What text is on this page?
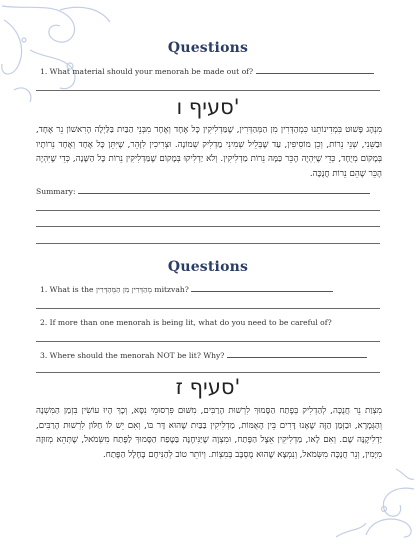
Questions
1. What material should your menorah be made out of?
סעיף ו'
מִנְהָג פָּשׁוּט בִּמְדִינוֹתֵנוּ כִּמְהַדְּרִין מִן הַמְּהַדְּרִין, שֶׁמַּדְלִיקִין כָּל אֶחָד וְאֶחָד מִבְּנֵי הַבַּיִת בַּלַּיְלָה הָרִאשׁוֹן נֵר אֶחָד, וּבַשֵּׁנִי, שְׁנֵי נֵרוֹת, וְכֵן מוֹסִיפִין, עַד שֶׁבְּלֵיל שְׁמִינִי מַדְלִיק שְׁמוֹנָה. וּצְרִיכִין לִזָּהֵר, שֶׁיִּתֵּן כָּל אֶחָד וְאֶחָד נֵרוֹתָיו בְּמָקוֹם מְיֻחָד, כְּדֵי שֶׁיִּהְיֶה הֶכֵּר כַּמָּה נֵרוֹת מַדְלִיקִין. וְלֹא יַדְלִיקוּ בְּמָקוֹם שֶׁמַּדְלִיקִין נֵרוֹת כָּל הַשָּׁנָה, כְּדֵי שֶׁיִּהְיֶה הֶכֵּר שֶׁהֵם נֵרוֹת חֲנֻכָּה.
Summary:
Questions
1. What is the מְהַדְּרִין מִן הַמְּהַדְּרִין mitzvah?
2. If more than one menorah is being lit, what do you need to be careful of?
3. Where should the menorah NOT be lit? Why?
סעיף ז'
מִצְוַת נֵר חֲנֻכָּה, לְהַדְלִיק בְּפֶתַח הַסָּמוּךְ לִרְשׁוּת הָרַבִּים, מִשּׁוּם פִּרְסוּמֵי נִסָּא, וְכָךְ הָיוּ עוֹשִׂין בִּזְמַן הַמִּשְׁנָה וְהַגְּמָרָא, וּבַזְּמַן הַזֶּה שֶׁאָנוּ דָּרִים בֵּין הָאֻמּוֹת, מַדְלִיקִין בַּבַּיִת שֶׁהוּא דָּר בּוֹ, וְאִם יֵשׁ לוֹ חַלּוֹן לִרְשׁוּת הָרַבִּים, יַדְלִיקֶנָּה שָׁם. וְאִם לָאו, מַדְלִיקִין אֵצֶל הַפֶּתַח, וּמִצְוָה שֶׁיַּנִּיחֶנָּה בַּטֶּפַח הַסָּמוּךְ לַפֶּתַח מִשְּׂמֹאל, שֶׁתְּהֵא מְזוּזָה מִיָּמִין, וְנֵר חֲנֻכָּה מִשְּׂמֹאל, וְנִמְצָא שֶׁהוּא מֻסְבָּב בְּמִצְוֹת. וְיוֹתֵר טוֹב לְהַנִּיחָם בֶּחָלָל הַפֶּתַח.
